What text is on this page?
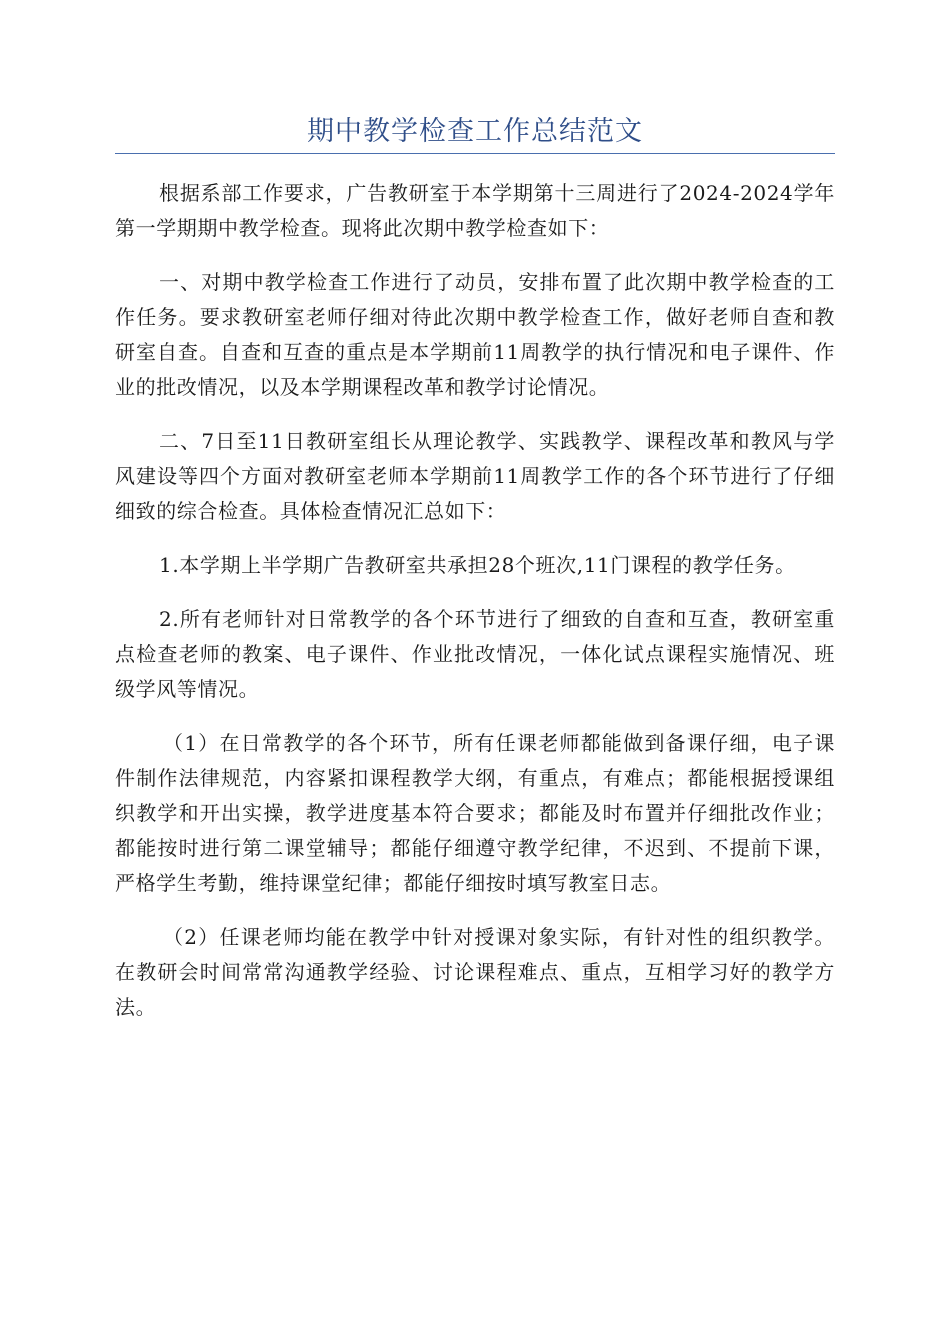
期中教学检查工作总结范文

根据系部工作要求，广告教研室于本学期第十三周进行了2024-2024学年第一学期期中教学检查。现将此次期中教学检查如下：

一、对期中教学检查工作进行了动员，安排布置了此次期中教学检查的工作任务。要求教研室老师仔细对待此次期中教学检查工作，做好老师自查和教研室自查。自查和互查的重点是本学期前11周教学的执行情况和电子课件、作业的批改情况，以及本学期课程改革和教学讨论情况。

二、7日至11日教研室组长从理论教学、实践教学、课程改革和教风与学风建设等四个方面对教研室老师本学期前11周教学工作的各个环节进行了仔细细致的综合检查。具体检查情况汇总如下：

1.本学期上半学期广告教研室共承担28个班次,11门课程的教学任务。

2.所有老师针对日常教学的各个环节进行了细致的自查和互查，教研室重点检查老师的教案、电子课件、作业批改情况，一体化试点课程实施情况、班级学风等情况。

（1）在日常教学的各个环节，所有任课老师都能做到备课仔细，电子课件制作法律规范，内容紧扣课程教学大纲，有重点，有难点；都能根据授课组织教学和开出实操，教学进度基本符合要求；都能及时布置并仔细批改作业；都能按时进行第二课堂辅导；都能仔细遵守教学纪律，不迟到、不提前下课，严格学生考勤，维持课堂纪律；都能仔细按时填写教室日志。

（2）任课老师均能在教学中针对授课对象实际，有针对性的组织教学。在教研会时间常常沟通教学经验、讨论课程难点、重点，互相学习好的教学方法。
